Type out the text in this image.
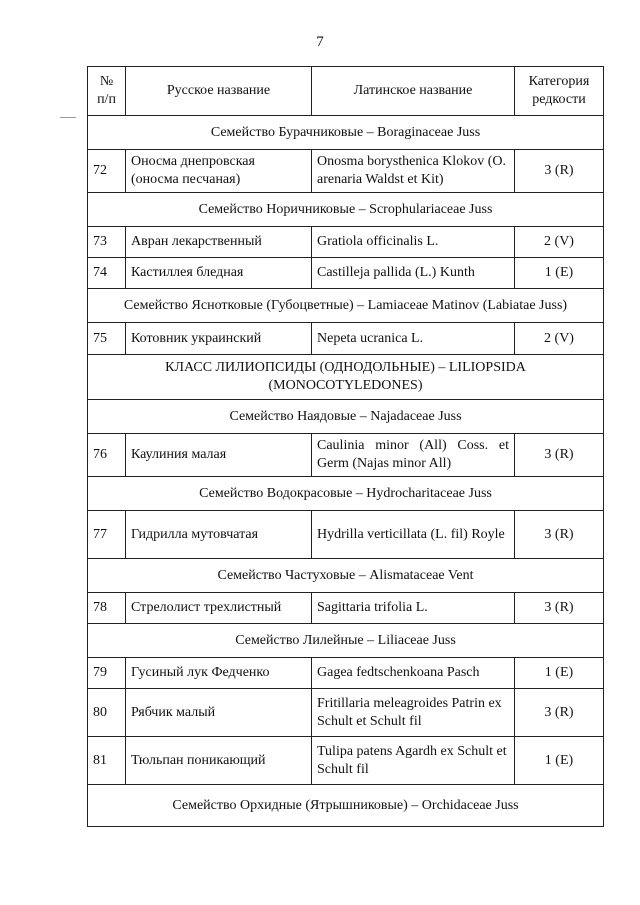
7
№ п/п	Русское название	Латинское название	Категория редкости
Семейство Бурачниковые – Boraginaceae Juss			
72	Оносма днепровская (оносма песчаная)	Onosma borysthenica Klokov (O. arenaria Waldst et Kit)	3 (R)
Семейство Норичниковые – Scrophulariaceae Juss			
73	Авран лекарственный	Gratiola officinalis L.	2 (V)
74	Кастиллея бледная	Castilleja pallida (L.) Kunth	1 (E)
Семейство Яснотковые (Губоцветные) – Lamiaceae Matinov (Labiatae Juss)			
75	Котовник украинский	Nepeta ucranica L.	2 (V)
КЛАСС ЛИЛИОПСИДЫ (ОДНОДОЛЬНЫЕ) – LILIOPSIDA (MONOCOTYLEDONES)			
Семейство Наядовые – Najadaceae Juss			
76	Каулиния малая	Caulinia minor (All) Coss. et Germ (Najas minor All)	3 (R)
Семейство Водокрасовые – Hydrocharitaceae Juss			
77	Гидрилла мутовчатая	Hydrilla verticillata (L. fil) Royle	3 (R)
Семейство Частуховые – Alismataceae Vent			
78	Стрелолист трехлистный	Sagittaria trifolia L.	3 (R)
Семейство Лилейные – Liliaceae Juss			
79	Гусиный лук Федченко	Gagea fedtschenkoana Pasch	1 (E)
80	Рябчик малый	Fritillaria meleagroides Patrin ex Schult et Schult fil	3 (R)
81	Тюльпан поникающий	Tulipa patens Agardh ex Schult et Schult fil	1 (E)
Семейство Орхидные (Ятрышниковые) – Orchidaceae Juss			
